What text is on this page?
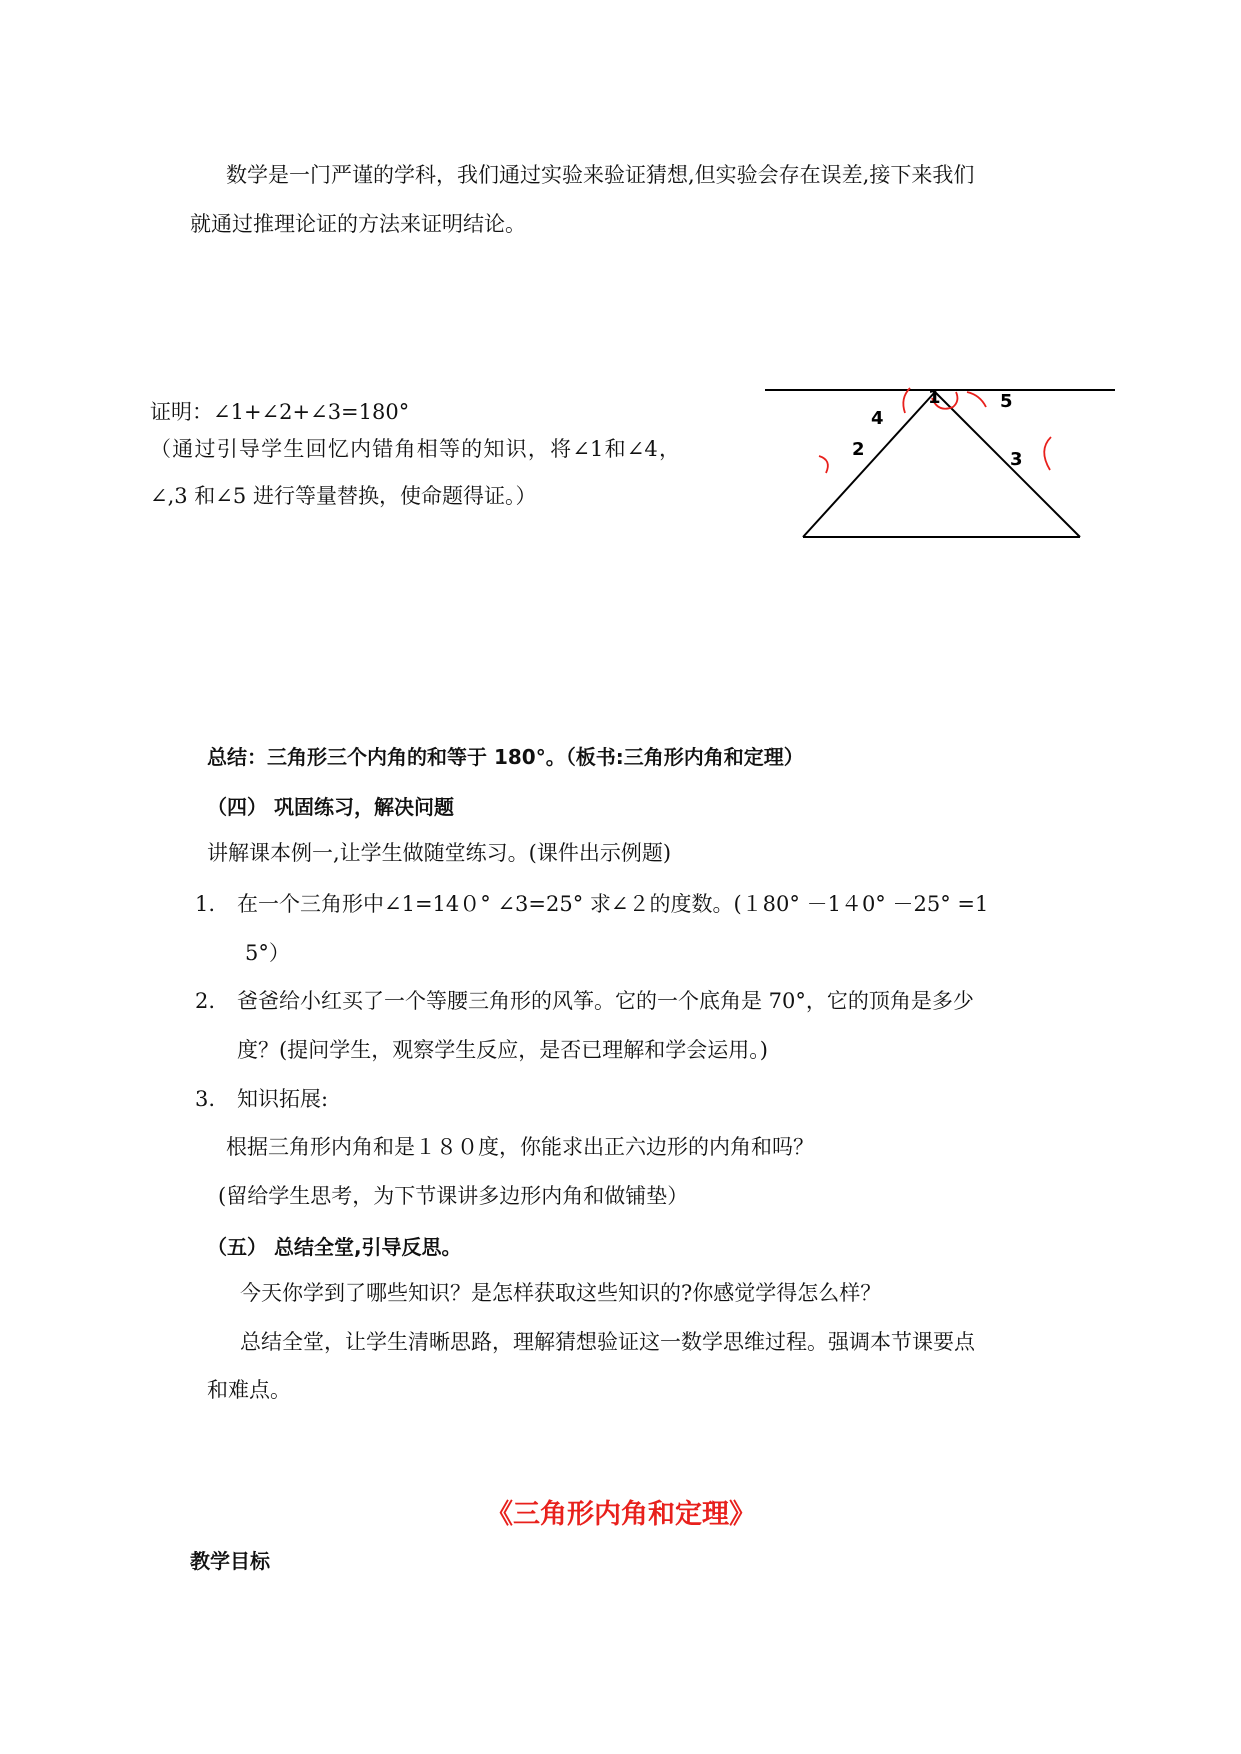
数学是一门严谨的学科，我们通过实验来验证猜想,但实验会存在误差,接下来我们
就通过推理论证的方法来证明结论。
证明：∠1+∠2+∠3=180°
（通过引导学生回忆内错角相等的知识，将∠1和∠4，∠,3 和∠5 进行等量替换，使命题得证。）
1
2	3
4
5
总结：三角形三个内角的和等于 180°。（板书:三角形内角和定理）
（四） 巩固练习，解决问题
讲解课本例一,让学生做随堂练习。(课件出示例题)
1. 在一个三角形中∠1=14０° ∠3=25° 求∠２的度数。(１80° －1４0° －25° =1
5°）
2. 爸爸给小红买了一个等腰三角形的风筝。它的一个底角是 70°，它的顶角是多少
度？(提问学生，观察学生反应，是否已理解和学会运用。)
3. 知识拓展:
根据三角形内角和是１８０度，你能求出正六边形的内角和吗？
(留给学生思考，为下节课讲多边形内角和做铺垫）
（五） 总结全堂,引导反思。
今天你学到了哪些知识？是怎样获取这些知识的?你感觉学得怎么样？
总结全堂，让学生清晰思路，理解猜想验证这一数学思维过程。强调本节课要点
和难点。
《三角形内角和定理》
教学目标
